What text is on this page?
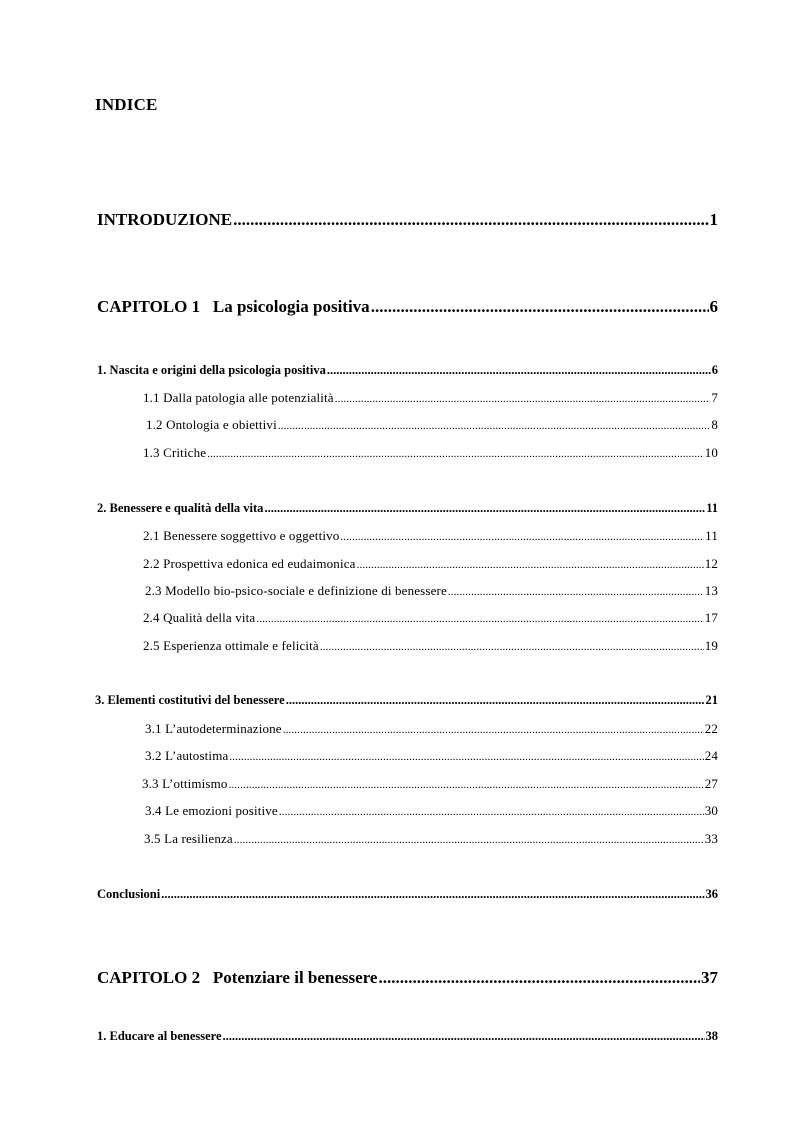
INDICE
INTRODUZIONE .....	1
CAPITOLO 1   La psicologia positiva .....	6
1. Nascita e origini della psicologia positiva .....	6
1.1 Dalla patologia alle potenzialità .....	7
1.2 Ontologia e obiettivi .....	8
1.3 Critiche .....	10
2. Benessere e qualità della vita .....	11
2.1 Benessere soggettivo e oggettivo .....	11
2.2 Prospettiva edonica ed eudaimonica .....	12
2.3 Modello bio-psico-sociale e definizione di benessere .....	13
2.4 Qualità della vita .....	17
2.5 Esperienza ottimale e felicità .....	19
3. Elementi costitutivi del benessere .....	21
3.1 L’autodeterminazione .....	22
3.2 L’autostima .....	24
3.3 L’ottimismo .....	27
3.4 Le emozioni positive .....	30
3.5 La resilienza .....	33
Conclusioni .....	36
CAPITOLO 2   Potenziare il benessere .....	37
1. Educare al benessere .....	38
